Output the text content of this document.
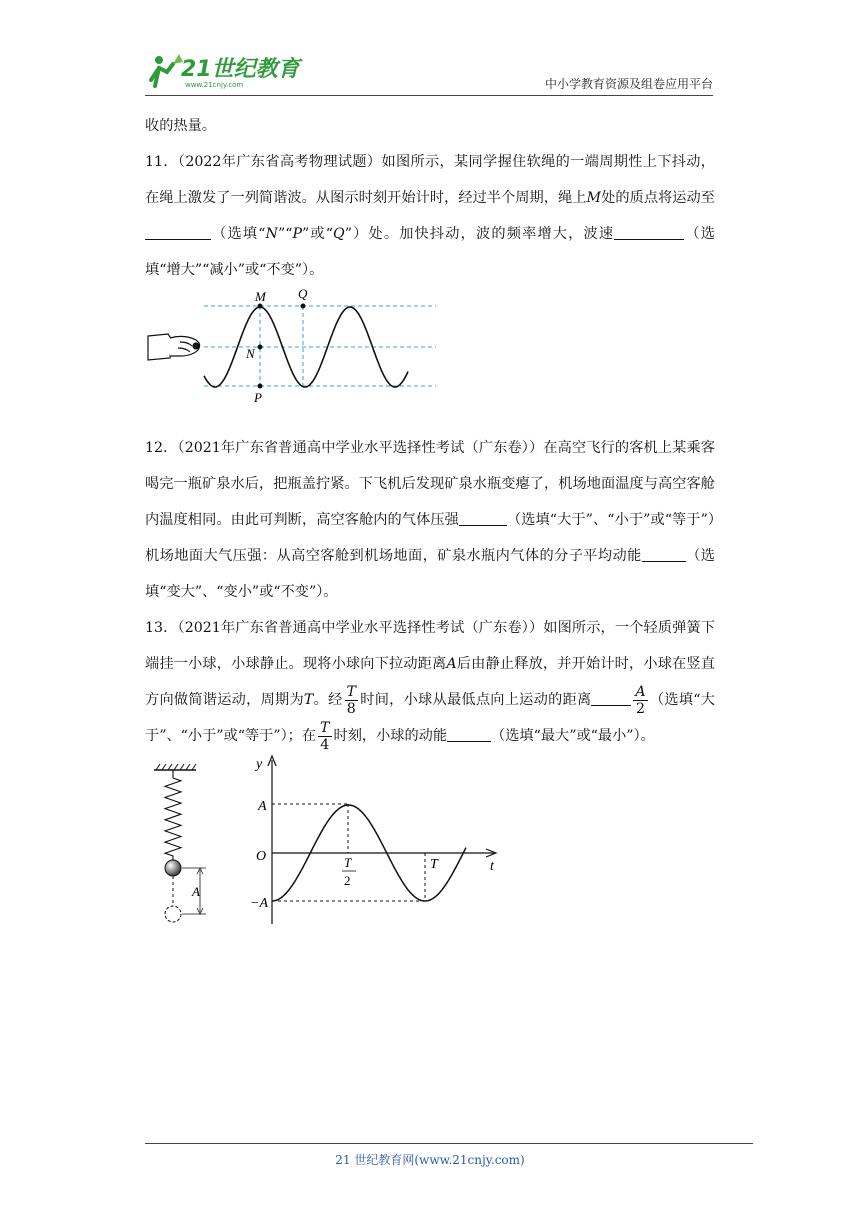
21世纪教育
www.21cnjy.com	中小学教育资源及组卷应用平台

收的热量。

11．（2022年广东省高考物理试题）如图所示，某同学握住软绳的一端周期性上下抖动，在绳上激发了一列简谐波。从图示时刻开始计时，经过半个周期，绳上M处的质点将运动至（选填“N”“P”或“Q”）处。加快抖动，波的频率增大，波速	（选填“增大”“减小”或“不变”）。

12．（2021年广东省普通高中学业水平选择性考试（广东卷））在高空飞行的客机上某乘客喝完一瓶矿泉水后，把瓶盖拧紧。下飞机后发现矿泉水瓶变瘪了，机场地面温度与高空客舱内温度相同。由此可判断，高空客舱内的气体压强	（选填“大于”、“小于”或“等于”）机场地面大气压强：从高空客舱到机场地面，矿泉水瓶内气体的分子平均动能	（选填“变大”、“变小”或“不变”）。

13．（2021年广东省普通高中学业水平选择性考试（广东卷））如图所示，一个轻质弹簧下端挂一小球，小球静止。现将小球向下拉动距离A后由静止释放，并开始计时，小球在竖直方向做简谐运动，周期为T。经 $\frac{T}{8}$ 时间，小球从最低点向上运动的距离	$\frac{A}{2}$ （选填“大于”、“小于”或“等于”）；在 $\frac{T}{4}$ 时刻，小球的动能	（选填“最大”或“最小”）。

M Q
N
P
A
y
t
A
O
−A
T
2
T
21 世纪教育网(www.21cnjy.com)
